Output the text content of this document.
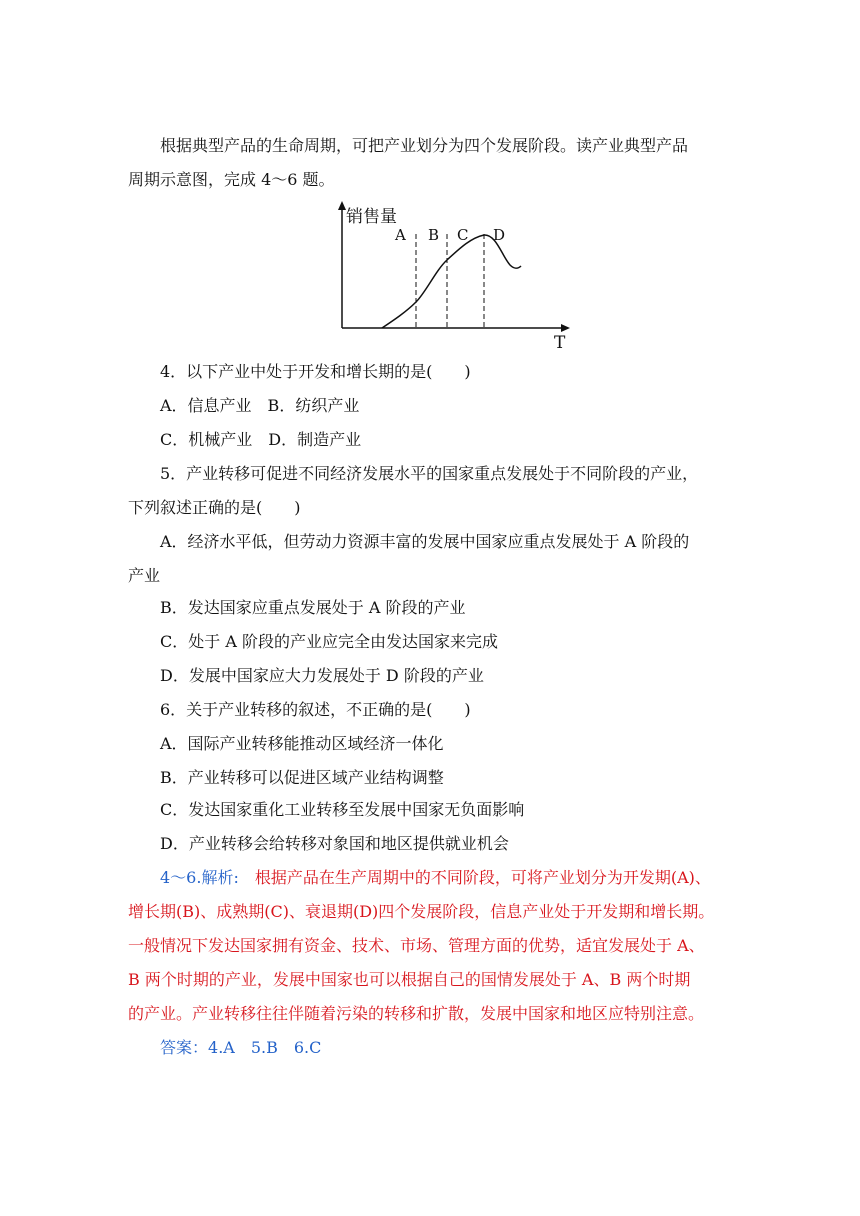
根据典型产品的生命周期，可把产业划分为四个发展阶段。读产业典型产品
周期示意图，完成 4～6 题。
销售量
T
A B C D
4．以下产业中处于开发和增长期的是(　　)
A．信息产业　B．纺织产业
C．机械产业　D．制造产业
5．产业转移可促进不同经济发展水平的国家重点发展处于不同阶段的产业，
下列叙述正确的是(　　)
A．经济水平低，但劳动力资源丰富的发展中国家应重点发展处于 A 阶段的
产业
B．发达国家应重点发展处于 A 阶段的产业
C．处于 A 阶段的产业应完全由发达国家来完成
D．发展中国家应大力发展处于 D 阶段的产业
6．关于产业转移的叙述，不正确的是(　　)
A．国际产业转移能推动区域经济一体化
B．产业转移可以促进区域产业结构调整
C．发达国家重化工业转移至发展中国家无负面影响
D．产业转移会给转移对象国和地区提供就业机会
4～6.解析:  根据产品在生产周期中的不同阶段，可将产业划分为开发期(A)、
增长期(B)、成熟期(C)、衰退期(D)四个发展阶段，信息产业处于开发期和增长期。
一般情况下发达国家拥有资金、技术、市场、管理方面的优势，适宜发展处于 A、
B 两个时期的产业，发展中国家也可以根据自己的国情发展处于 A、B 两个时期
的产业。产业转移往往伴随着污染的转移和扩散，发展中国家和地区应特别注意。
答案：4.A　5.B　6.C
